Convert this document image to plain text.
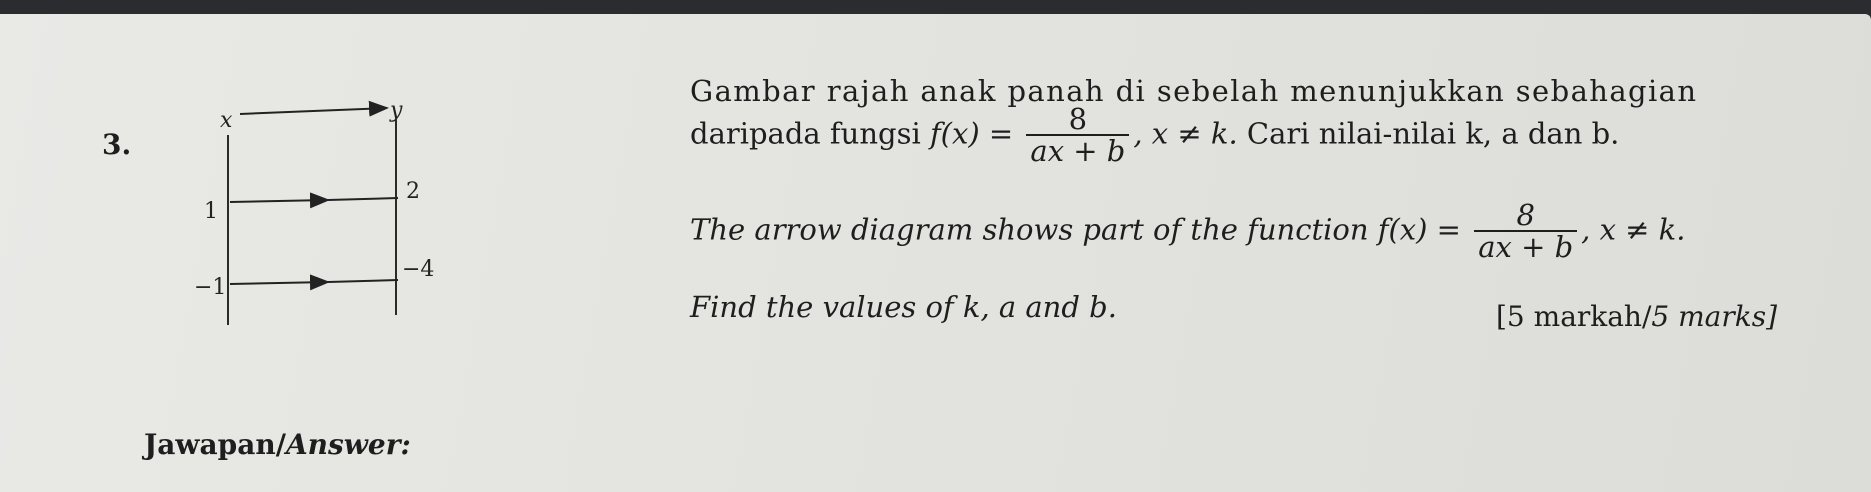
3.
x	y
1
2
−1
−4
Gambar rajah anak panah di sebelah menunjukkan sebahagian
daripada fungsi $f(x) = \frac{8}{ax + b}$ , x ≠ k. Cari nilai-nilai k, a dan b.
The arrow diagram shows part of the function $f(x) = \frac{8}{ax + b}$ , x ≠ k.
Find the values of k, a and b.	[5 markah/5 marks]
Jawapan/Answer:
